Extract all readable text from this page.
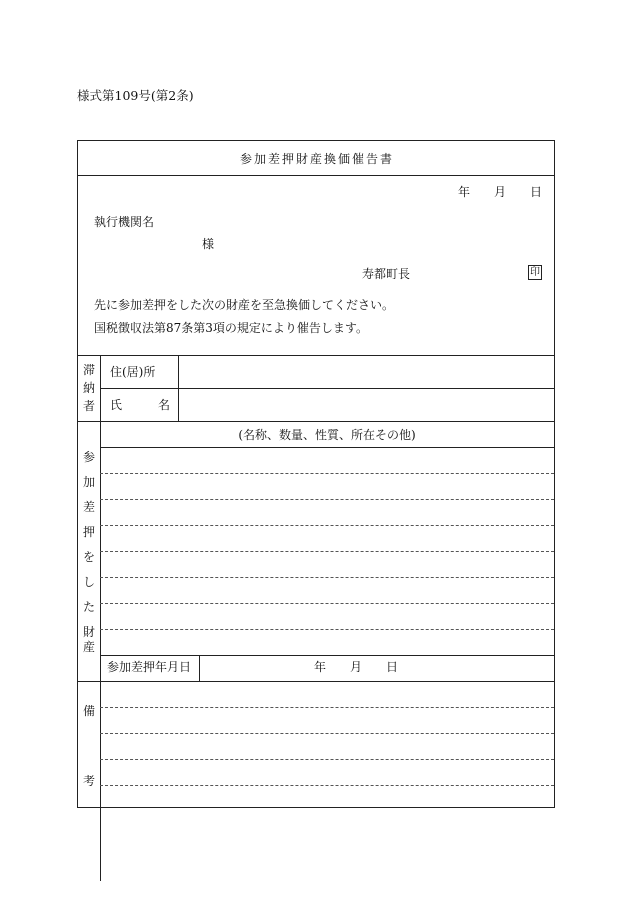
様式第109号(第2条)
参加差押財産換価催告書
年 月 日
執行機関名
様
寿都町長	印
先に参加差押をした次の財産を至急換価してください。
国税徴収法第87条第3項の規定により催告します。
滞
納
者
住(居)所
氏	名
(名称、数量、性質、所在その他)
参
加
差
押
を
し
た
財
産
参加差押年月日	年 月 日
備
考
